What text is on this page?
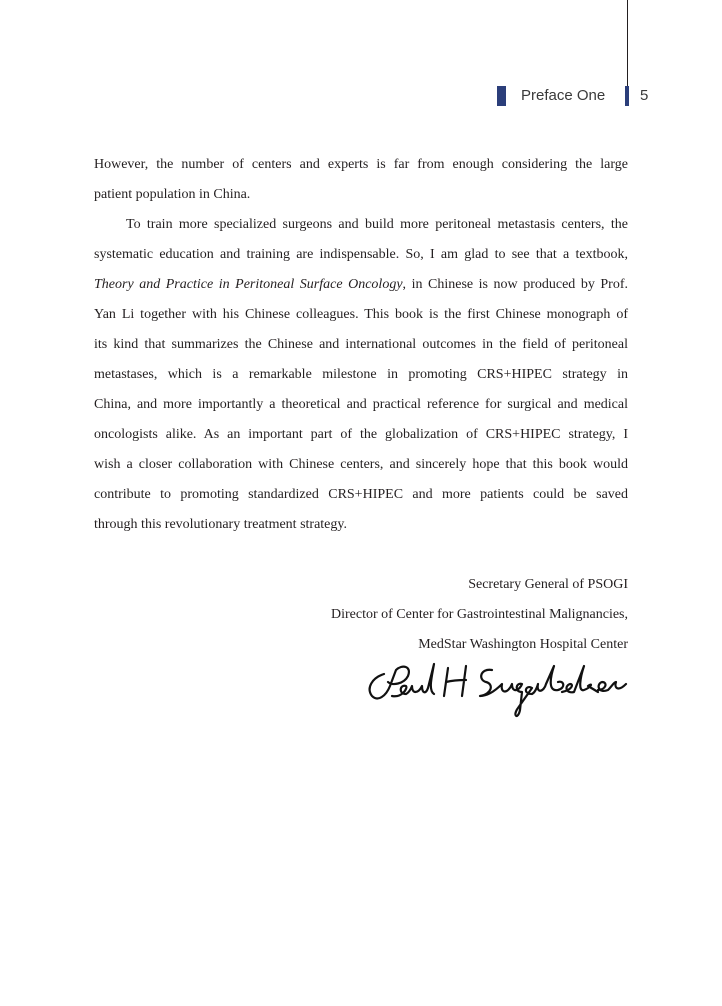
Preface One 5
However, the number of centers and experts is far from enough considering the large
patient population in China.
To train more specialized surgeons and build more peritoneal metastasis centers, the
systematic education and training are indispensable. So, I am glad to see that a textbook,
Theory and Practice in Peritoneal Surface Oncology, in Chinese is now produced by Prof.
Yan Li together with his Chinese colleagues. This book is the first Chinese monograph of
its kind that summarizes the Chinese and international outcomes in the field of peritoneal
metastases, which is a remarkable milestone in promoting CRS+HIPEC strategy in
China, and more importantly a theoretical and practical reference for surgical and medical
oncologists alike. As an important part of the globalization of CRS+HIPEC strategy, I
wish a closer collaboration with Chinese centers, and sincerely hope that this book would
contribute to promoting standardized CRS+HIPEC and more patients could be saved
through this revolutionary treatment strategy.
Secretary General of PSOGI
Director of Center for Gastrointestinal Malignancies,
MedStar Washington Hospital Center
